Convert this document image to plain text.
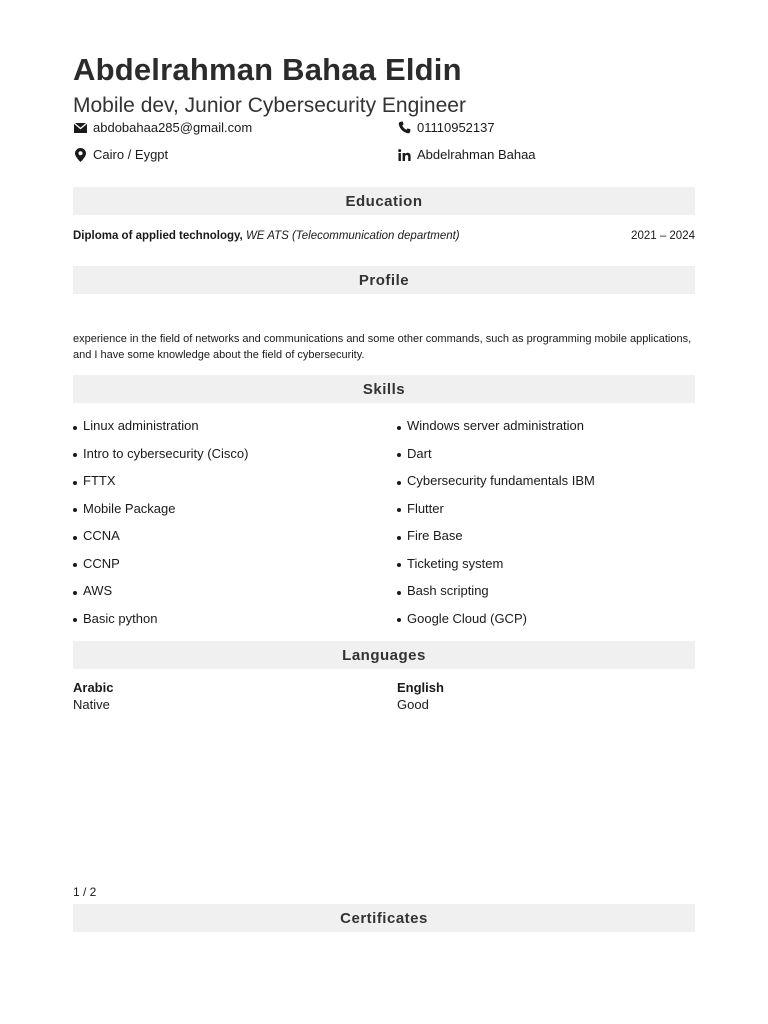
Abdelrahman Bahaa Eldin
Mobile dev, Junior Cybersecurity Engineer
abdobahaa285@gmail.com	01110952137
Cairo / Eygpt	Abdelrahman Bahaa
Education
Diploma of applied technology, WE ATS (Telecommunication department)	2021 – 2024
Profile
experience in the field of networks and communications and some other commands, such as programming mobile applications, and I have some knowledge about the field of cybersecurity.
Skills
Linux administration
Intro to cybersecurity (Cisco)
FTTX
Mobile Package
CCNA
CCNP
AWS
Basic python
Windows server administration
Dart
Cybersecurity fundamentals IBM
Flutter
Fire Base
Ticketing system
Bash scripting
Google Cloud (GCP)
Languages
Arabic
Native
English
Good
1 / 2
Certificates
